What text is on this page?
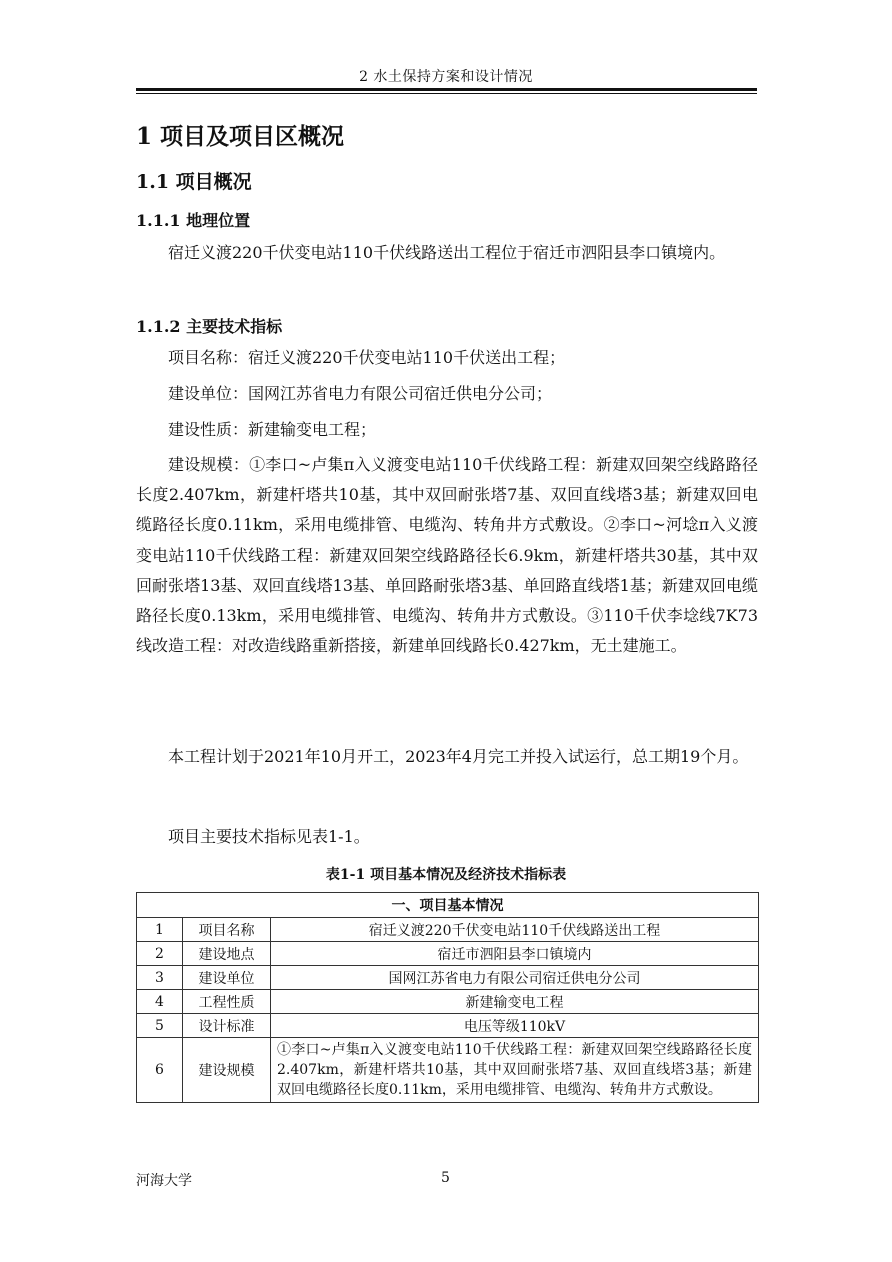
2 水土保持方案和设计情况
1 项目及项目区概况
1.1 项目概况
1.1.1 地理位置

宿迁义渡220千伏变电站110千伏线路送出工程位于宿迁市泗阳县李口镇境内。

1.1.2 主要技术指标

项目名称：宿迁义渡220千伏变电站110千伏送出工程；

建设单位：国网江苏省电力有限公司宿迁供电分公司；

建设性质：新建输变电工程；

建设规模：①李口~卢集π入义渡变电站110千伏线路工程：新建双回架空线路路径长度2.407km，新建杆塔共10基，其中双回耐张塔7基、双回直线塔3基；新建双回电缆路径长度0.11km，采用电缆排管、电缆沟、转角井方式敷设。②李口~河埝π入义渡变电站110千伏线路工程：新建双回架空线路路径长6.9km，新建杆塔共30基，其中双回耐张塔13基、双回直线塔13基、单回路耐张塔3基、单回路直线塔1基；新建双回电缆路径长度0.13km，采用电缆排管、电缆沟、转角井方式敷设。③110千伏李埝线7K73线改造工程：对改造线路重新搭接，新建单回线路长0.427km，无土建施工。

本工程计划于2021年10月开工，2023年4月完工并投入试运行，总工期19个月。

项目主要技术指标见表1-1。

表1-1 项目基本情况及经济技术指标表
一、项目基本情况		
1	项目名称	宿迁义渡220千伏变电站110千伏线路送出工程
2	建设地点	宿迁市泗阳县李口镇境内
3	建设单位	国网江苏省电力有限公司宿迁供电分公司
4	工程性质	新建输变电工程
5	设计标准	电压等级110kV
6	建设规模	①李口~卢集π入义渡变电站110千伏线路工程：新建双回架空线路路径长度2.407km，新建杆塔共10基，其中双回耐张塔7基、双回直线塔3基；新建双回电缆路径长度0.11km，采用电缆排管、电缆沟、转角井方式敷设。
河海大学	5
